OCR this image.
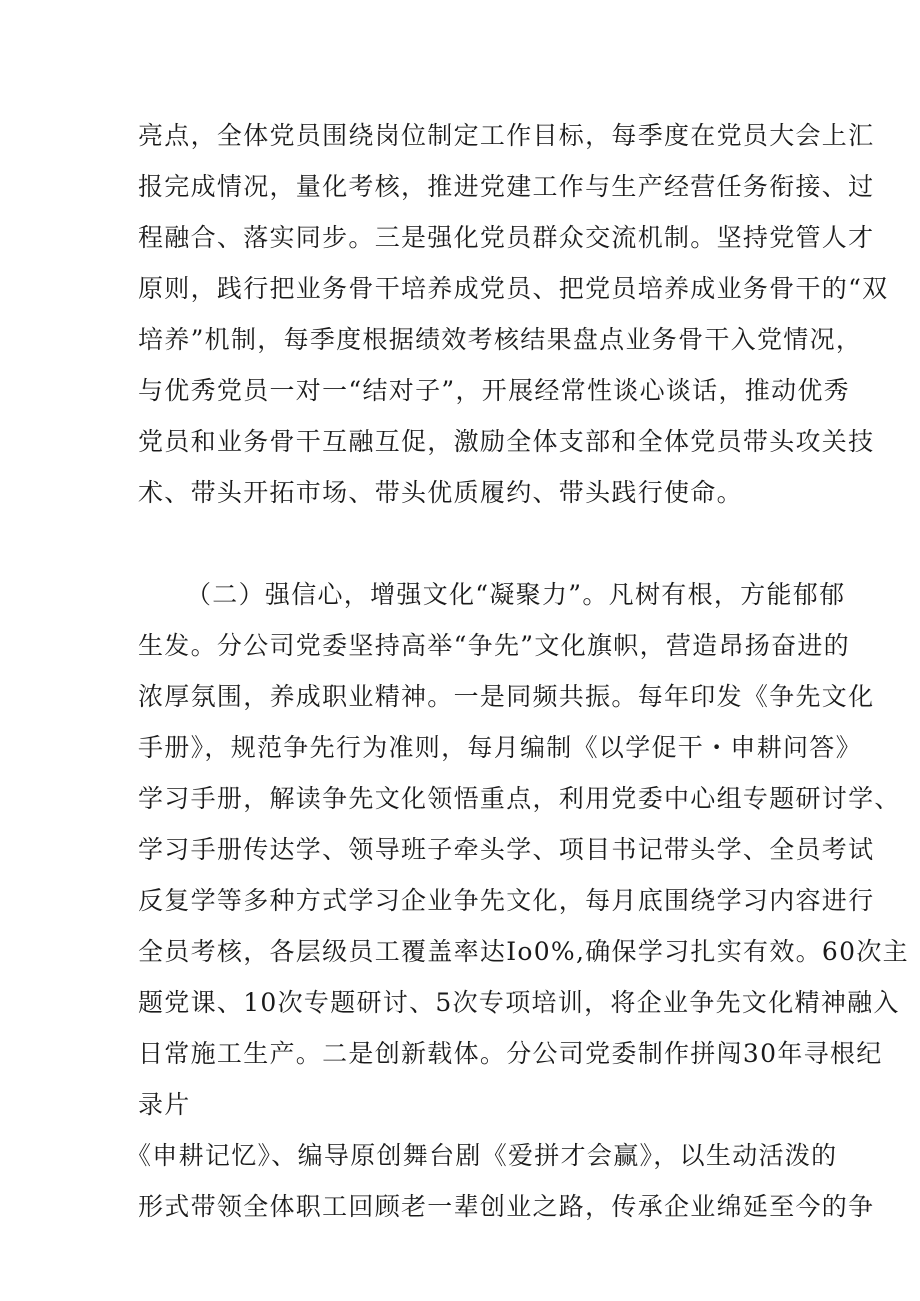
亮点，全体党员围绕岗位制定工作目标，每季度在党员大会上汇
报完成情况，量化考核，推进党建工作与生产经营任务衔接、过
程融合、落实同步。三是强化党员群众交流机制。坚持党管人才
原则，践行把业务骨干培养成党员、把党员培养成业务骨干的“双
培养”机制，每季度根据绩效考核结果盘点业务骨干入党情况，
与优秀党员一对一“结对子”，开展经常性谈心谈话，推动优秀
党员和业务骨干互融互促，激励全体支部和全体党员带头攻关技
术、带头开拓市场、带头优质履约、带头践行使命。
（二）强信心，增强文化“凝聚力”。凡树有根，方能郁郁
生发。分公司党委坚持高举“争先”文化旗帜，营造昂扬奋进的
浓厚氛围，养成职业精神。一是同频共振。每年印发《争先文化
手册》，规范争先行为准则，每月编制《以学促干・申耕问答》
学习手册，解读争先文化领悟重点，利用党委中心组专题研讨学、
学习手册传达学、领导班子牵头学、项目书记带头学、全员考试
反复学等多种方式学习企业争先文化，每月底围绕学习内容进行
全员考核，各层级员工覆盖率达Io0%,确保学习扎实有效。60次主
题党课、10次专题研讨、5次专项培训，将企业争先文化精神融入
日常施工生产。二是创新载体。分公司党委制作拼闯30年寻根纪
录片
《申耕记忆》、编导原创舞台剧《爱拼才会赢》，以生动活泼的
形式带领全体职工回顾老一辈创业之路，传承企业绵延至今的争
